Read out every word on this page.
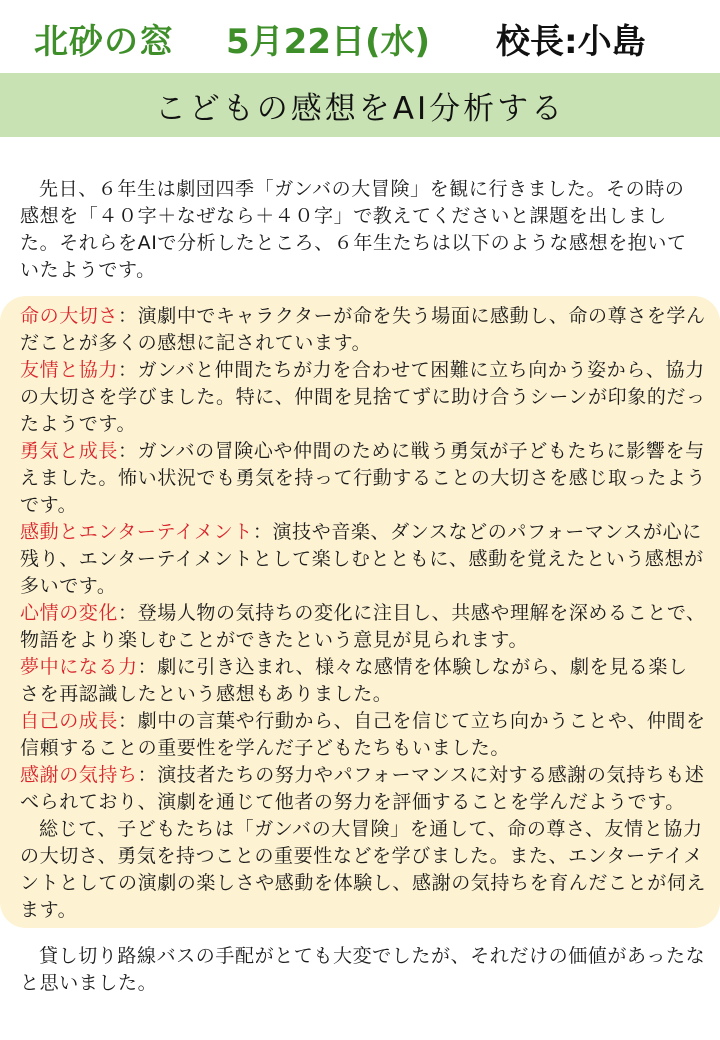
北砂の窓 5月22日(水) 校長:小島
こどもの感想をAI分析する

先日、６年生は劇団四季「ガンバの大冒険」を観に行きました。その時の感想を「４０字＋なぜなら＋４０字」で教えてくださいと課題を出しました。それらをAIで分析したところ、６年生たちは以下のような感想を抱いていたようです。

命の大切さ：演劇中でキャラクターが命を失う場面に感動し、命の尊さを学んだことが多くの感想に記されています。

友情と協力：ガンバと仲間たちが力を合わせて困難に立ち向かう姿から、協力の大切さを学びました。特に、仲間を見捨てずに助け合うシーンが印象的だったようです。

勇気と成長：ガンバの冒険心や仲間のために戦う勇気が子どもたちに影響を与えました。怖い状況でも勇気を持って行動することの大切さを感じ取ったようです。

感動とエンターテイメント：演技や音楽、ダンスなどのパフォーマンスが心に残り、エンターテイメントとして楽しむとともに、感動を覚えたという感想が多いです。

心情の変化：登場人物の気持ちの変化に注目し、共感や理解を深めることで、物語をより楽しむことができたという意見が見られます。

夢中になる力：劇に引き込まれ、様々な感情を体験しながら、劇を見る楽しさを再認識したという感想もありました。

自己の成長：劇中の言葉や行動から、自己を信じて立ち向かうことや、仲間を信頼することの重要性を学んだ子どもたちもいました。

感謝の気持ち：演技者たちの努力やパフォーマンスに対する感謝の気持ちも述べられており、演劇を通じて他者の努力を評価することを学んだようです。

総じて、子どもたちは「ガンバの大冒険」を通して、命の尊さ、友情と協力の大切さ、勇気を持つことの重要性などを学びました。また、エンターテイメントとしての演劇の楽しさや感動を体験し、感謝の気持ちを育んだことが伺えます。

貸し切り路線バスの手配がとても大変でしたが、それだけの価値があったなと思いました。
